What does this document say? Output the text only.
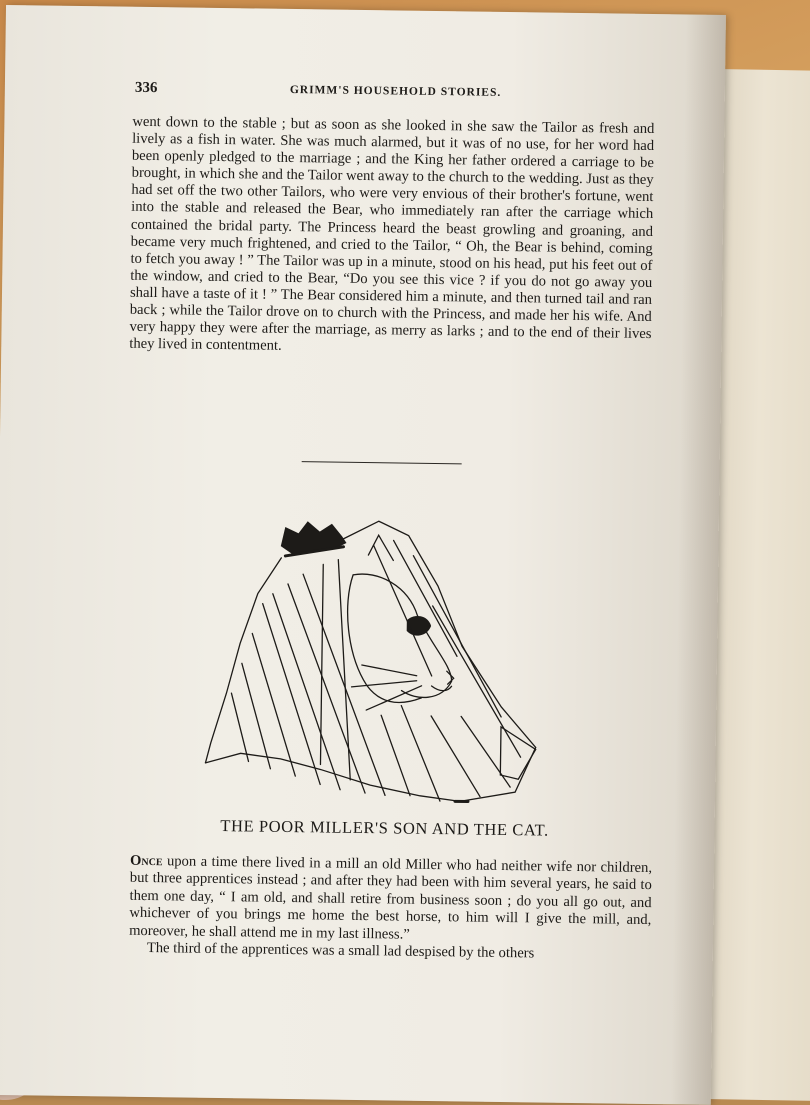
336	GRIMM'S HOUSEHOLD STORIES.

went down to the stable ; but as soon as she looked in she saw the Tailor as fresh and lively as a fish in water. She was much alarmed, but it was of no use, for her word had been openly pledged to the marriage ; and the King her father ordered a carriage to be brought, in which she and the Tailor went away to the church to the wedding. Just as they had set off the two other Tailors, who were very envious of their brother's fortune, went into the stable and released the Bear, who immediately ran after the carriage which contained the bridal party. The Princess heard the beast growling and groaning, and became very much frightened, and cried to the Tailor, “ Oh, the Bear is behind, coming to fetch you away ! ” The Tailor was up in a minute, stood on his head, put his feet out of the window, and cried to the Bear, “Do you see this vice ? if you do not go away you shall have a taste of it ! ” The Bear considered him a minute, and then turned tail and ran back ; while the Tailor drove on to church with the Princess, and made her his wife. And very happy they were after the marriage, as merry as larks ; and to the end of their lives they lived in contentment.

THE POOR MILLER'S SON AND THE CAT.

Once upon a time there lived in a mill an old Miller who had neither wife nor children, but three apprentices instead ; and after they had been with him several years, he said to them one day, “ I am old, and shall retire from business soon ; do you all go out, and whichever of you brings me home the best horse, to him will I give the mill, and, moreover, he shall attend me in my last illness.”

The third of the apprentices was a small lad despised by the others
